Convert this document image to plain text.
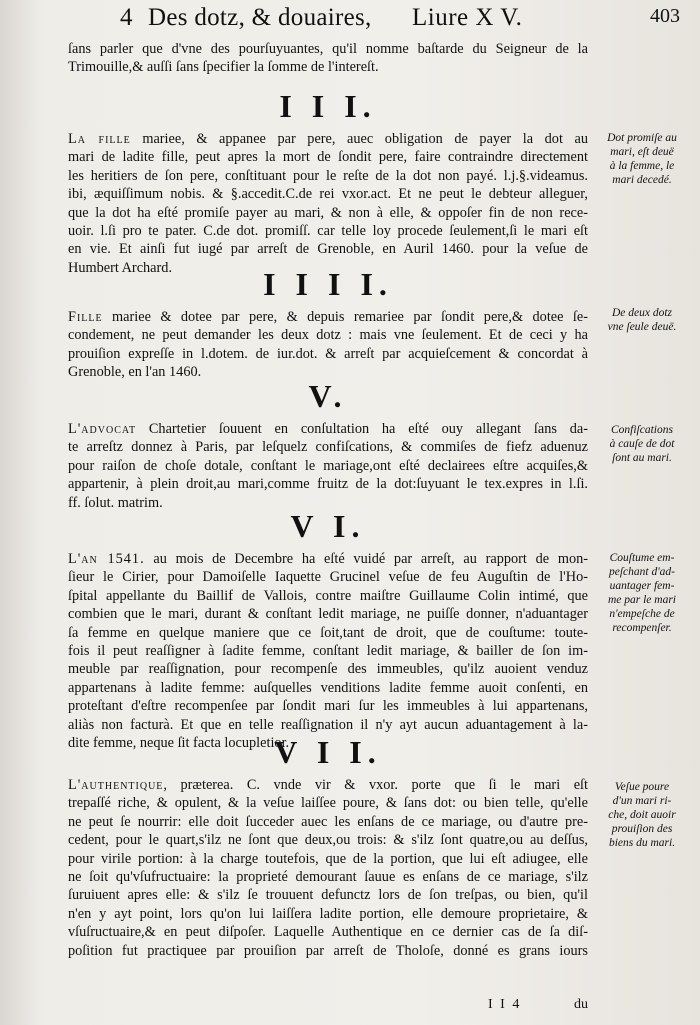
4 Des dotz, & douaires, Liure X V.	403
ſans parler que d'vne des pourſuyuantes, qu'il nomme baſtarde du Seigneur de la
Trimouille,& auſſi ſans ſpecifier la ſomme de l'intereſt.
I I I.

La fille mariee, & appanee par pere, auec obligation de payer la dot au
mari de ladite fille, peut apres la mort de ſondit pere, faire contraindre directement
les heritiers de ſon pere, conſtituant pour le reſte de la dot non payé. l.j.§.videamus.
ibi, æquiſſimum nobis. & §.accedit.C.de rei vxor.act. Et ne peut le debteur alleguer,
que la dot ha eſté promiſe payer au mari, & non à elle, & oppoſer fin de non rece-
uoir. l.ſi pro te pater. C.de dot. promiſſ. car telle loy procede ſeulement,ſi le mari eſt
en vie. Et ainſi fut iugé par arreſt de Grenoble, en Auril 1460. pour la veſue de
Humbert Archard.	I I I I.

Fille mariee & dotee par pere, & depuis remariee par ſondit pere,& dotee ſe-
condement, ne peut demander les deux dotz : mais vne ſeulement. Et de ceci y ha
prouiſion expreſſe in l.dotem. de iur.dot. & arreſt par acquieſcement & concordat à
Grenoble, en l'an 1460.

V.

L'advocat Chartetier ſouuent en conſultation ha eſté ouy allegant ſans da-
te arreſtz donnez à Paris, par leſquelz confiſcations, & commiſes de fiefz aduenuz
pour raiſon de choſe dotale, conſtant le mariage,ont eſté declairees eſtre acquiſes,&
appartenir, à plein droit,au mari,comme fruitz de la dot:ſuyuant le tex.expres in l.ſi.
ff. ſolut. matrim.

V I.

L'an 1541. au mois de Decembre ha eſté vuidé par arreſt, au rapport de mon-
ſieur le Cirier, pour Damoiſelle Iaquette Grucinel veſue de feu Auguſtin de l'Ho-
ſpital appellante du Baillif de Vallois, contre maiſtre Guillaume Colin intimé, que
combien que le mari, durant & conſtant ledit mariage, ne puiſſe donner, n'aduantager
ſa femme en quelque maniere que ce ſoit,tant de droit, que de couſtume: toute-
fois il peut reaſſigner à ſadite femme, conſtant ledit mariage, & bailler de ſon im-
meuble par reaſſignation, pour recompenſe des immeubles, qu'ilz auoient venduz
appartenans à ladite femme: auſquelles venditions ladite femme auoit conſenti, en
proteſtant d'eſtre recompenſee par ſondit mari ſur les immeubles à lui appartenans,
aliàs non facturà. Et que en telle reaſſignation il n'y ayt aucun aduantagement à la-
dite femme, neque ſit facta locupletior.

V I I.

L'authentique, præterea. C. vnde vir & vxor. porte que ſi le mari eſt
trepaſſé riche, & opulent, & la veſue laiſſee poure, & ſans dot: ou bien telle, qu'elle
ne peut ſe nourrir: elle doit ſucceder auec les enſans de ce mariage, ou d'autre pre-
cedent, pour le quart,s'ilz ne ſont que deux,ou trois: & s'ilz ſont quatre,ou au deſſus,
pour virile portion: à la charge toutefois, que de la portion, que lui eſt adiugee, elle
ne ſoit qu'vſufructuaire: la proprieté demourant ſauue es enſans de ce mariage, s'ilz
ſuruiuent apres elle: & s'ilz ſe trouuent defunctz lors de ſon treſpas, ou bien, qu'il
n'en y ayt point, lors qu'on lui laiſſera ladite portion, elle demoure proprietaire, &
vſuſructuaire,& en peut diſpoſer. Laquelle Authentique en ce dernier cas de ſa diſ-
poſition fut practiquee par prouiſion par arreſt de Tholoſe, donné es grans iours

Dot promiſe au
mari, eſt deuë
à la femme, le
mari decedé.
De deux dotz
vne ſeule deuë.
Confiſcations
à cauſe de dot
ſont au mari.
Couſtume em-
peſchant d'ad-
uantager fem-
me par le mari
n'empeſche de
recompenſer.
Veſue poure
d'un mari ri-
che, doit auoir
prouiſion des
biens du mari.
I I 4	du
